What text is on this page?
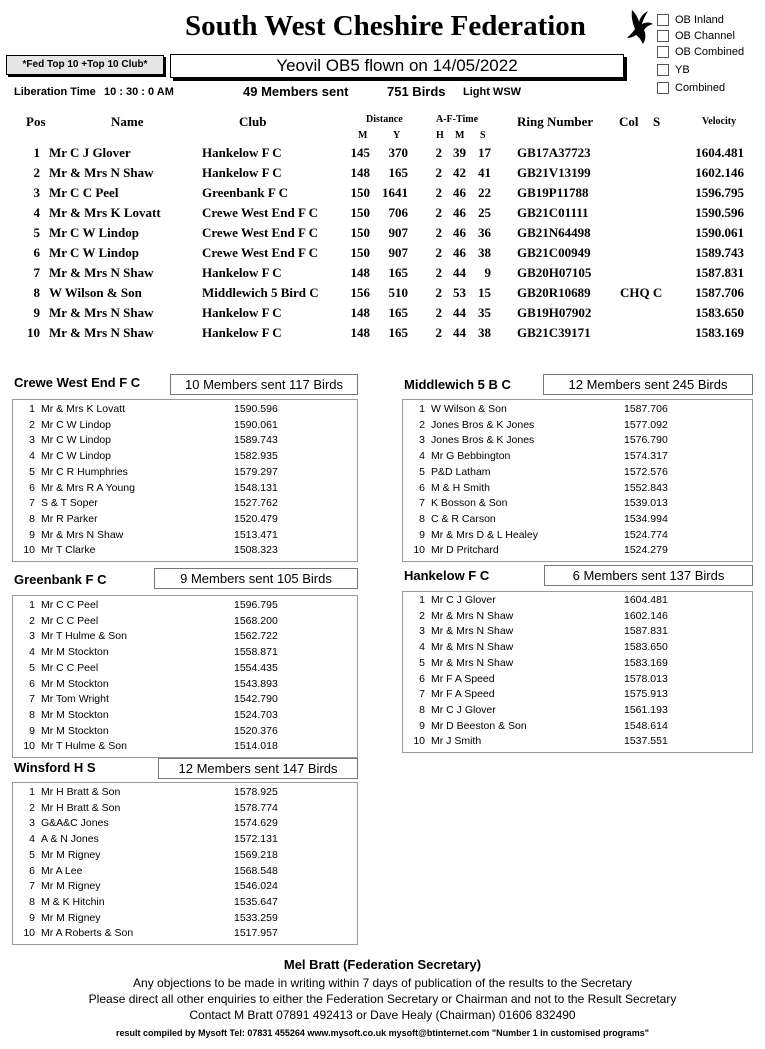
South West Cheshire Federation	OB Inland
OB Channel
OB Combined
YB
Combined
*Fed Top 10 +Top 10 Club*	Yeovil OB5 flown on 14/05/2022
Liberation Time 10 : 30 : 0 AM	49 Members sent	751 Birds Light WSW
Pos	Name	Club	Distance
M	Y
A-F-Time
H M S
Ring Number Col S	Velocity
1 Mr C J Glover	Hankelow F C	145	370	2 39 17 GB17A37723	1604.481
2 Mr & Mrs N Shaw	Hankelow F C	148	165	2 42 41 GB21V13199	1602.146
3 Mr C C Peel	Greenbank F C	150 1641	2 46 22 GB19P11788	1596.795
4 Mr & Mrs K Lovatt	Crewe West End F C	150	706	2 46 25 GB21C01111	1590.596
5 Mr C W Lindop	Crewe West End F C	150	907	2 46 36 GB21N64498	1590.061
6 Mr C W Lindop	Crewe West End F C	150	907	2 46 38 GB21C00949	1589.743
7 Mr & Mrs N Shaw	Hankelow F C	148	165	2 44	9 GB20H07105	1587.831
8 W Wilson & Son	Middlewich 5 Bird C	156	510	2 53 15 GB20R10689 CHQ C	1587.706
9 Mr & Mrs N Shaw	Hankelow F C	148	165	2 44 35 GB19H07902	1583.650
10 Mr & Mrs N Shaw	Hankelow F C	148	165	2 44 38 GB21C39171	1583.169
Crewe West End F C	10 Members sent 117 Birds
1 Mr & Mrs K Lovatt	1590.596
2 Mr C W Lindop	1590.061
3 Mr C W Lindop	1589.743
4 Mr C W Lindop	1582.935
5 Mr C R Humphries	1579.297
6 Mr & Mrs R A Young	1548.131
7 S & T Soper	1527.762
8 Mr R Parker	1520.479
9 Mr & Mrs N Shaw	1513.471
10 Mr T Clarke	1508.323
Middlewich 5 B C	12 Members sent 245 Birds
1 W Wilson & Son	1587.706
2 Jones Bros & K Jones	1577.092
3 Jones Bros & K Jones	1576.790
4 Mr G Bebbington	1574.317
5 P&D Latham	1572.576
6 M & H Smith	1552.843
7 K Bosson & Son	1539.013
8 C & R Carson	1534.994
9 Mr & Mrs D & L Healey	1524.774
10 Mr D Pritchard	1524.279
Greenbank F C	9 Members sent 105 Birds
1 Mr C C Peel	1596.795
2 Mr C C Peel	1568.200
3 Mr T Hulme & Son	1562.722
4 Mr M Stockton	1558.871
5 Mr C C Peel	1554.435
6 Mr M Stockton	1543.893
7 Mr Tom Wright	1542.790
8 Mr M Stockton	1524.703
9 Mr M Stockton	1520.376
10 Mr T Hulme & Son	1514.018
Hankelow F C	6 Members sent 137 Birds
1 Mr C J Glover	1604.481
2 Mr & Mrs N Shaw	1602.146
3 Mr & Mrs N Shaw	1587.831
4 Mr & Mrs N Shaw	1583.650
5 Mr & Mrs N Shaw	1583.169
6 Mr F A Speed	1578.013
7 Mr F A Speed	1575.913
8 Mr C J Glover	1561.193
9 Mr D Beeston & Son	1548.614
10 Mr J Smith	1537.551
Winsford H S	12 Members sent 147 Birds
1 Mr H Bratt & Son	1578.925
2 Mr H Bratt & Son	1578.774
3 G&A&C Jones	1574.629
4 A & N Jones	1572.131
5 Mr M Rigney	1569.218
6 Mr A Lee	1568.548
7 Mr M Rigney	1546.024
8 M & K Hitchin	1535.647
9 Mr M Rigney	1533.259
10 Mr A Roberts & Son	1517.957
Mel Bratt (Federation Secretary)
Any objections to be made in writing within 7 days of publication of the results to the Secretary
Please direct all other enquiries to either the Federation Secretary or Chairman and not to the Result Secretary
Contact M Bratt 07891 492413 or Dave Healy (Chairman) 01606 832490
result compiled by Mysoft Tel: 07831 455264 www.mysoft.co.uk mysoft@btinternet.com "Number 1 in customised programs"
